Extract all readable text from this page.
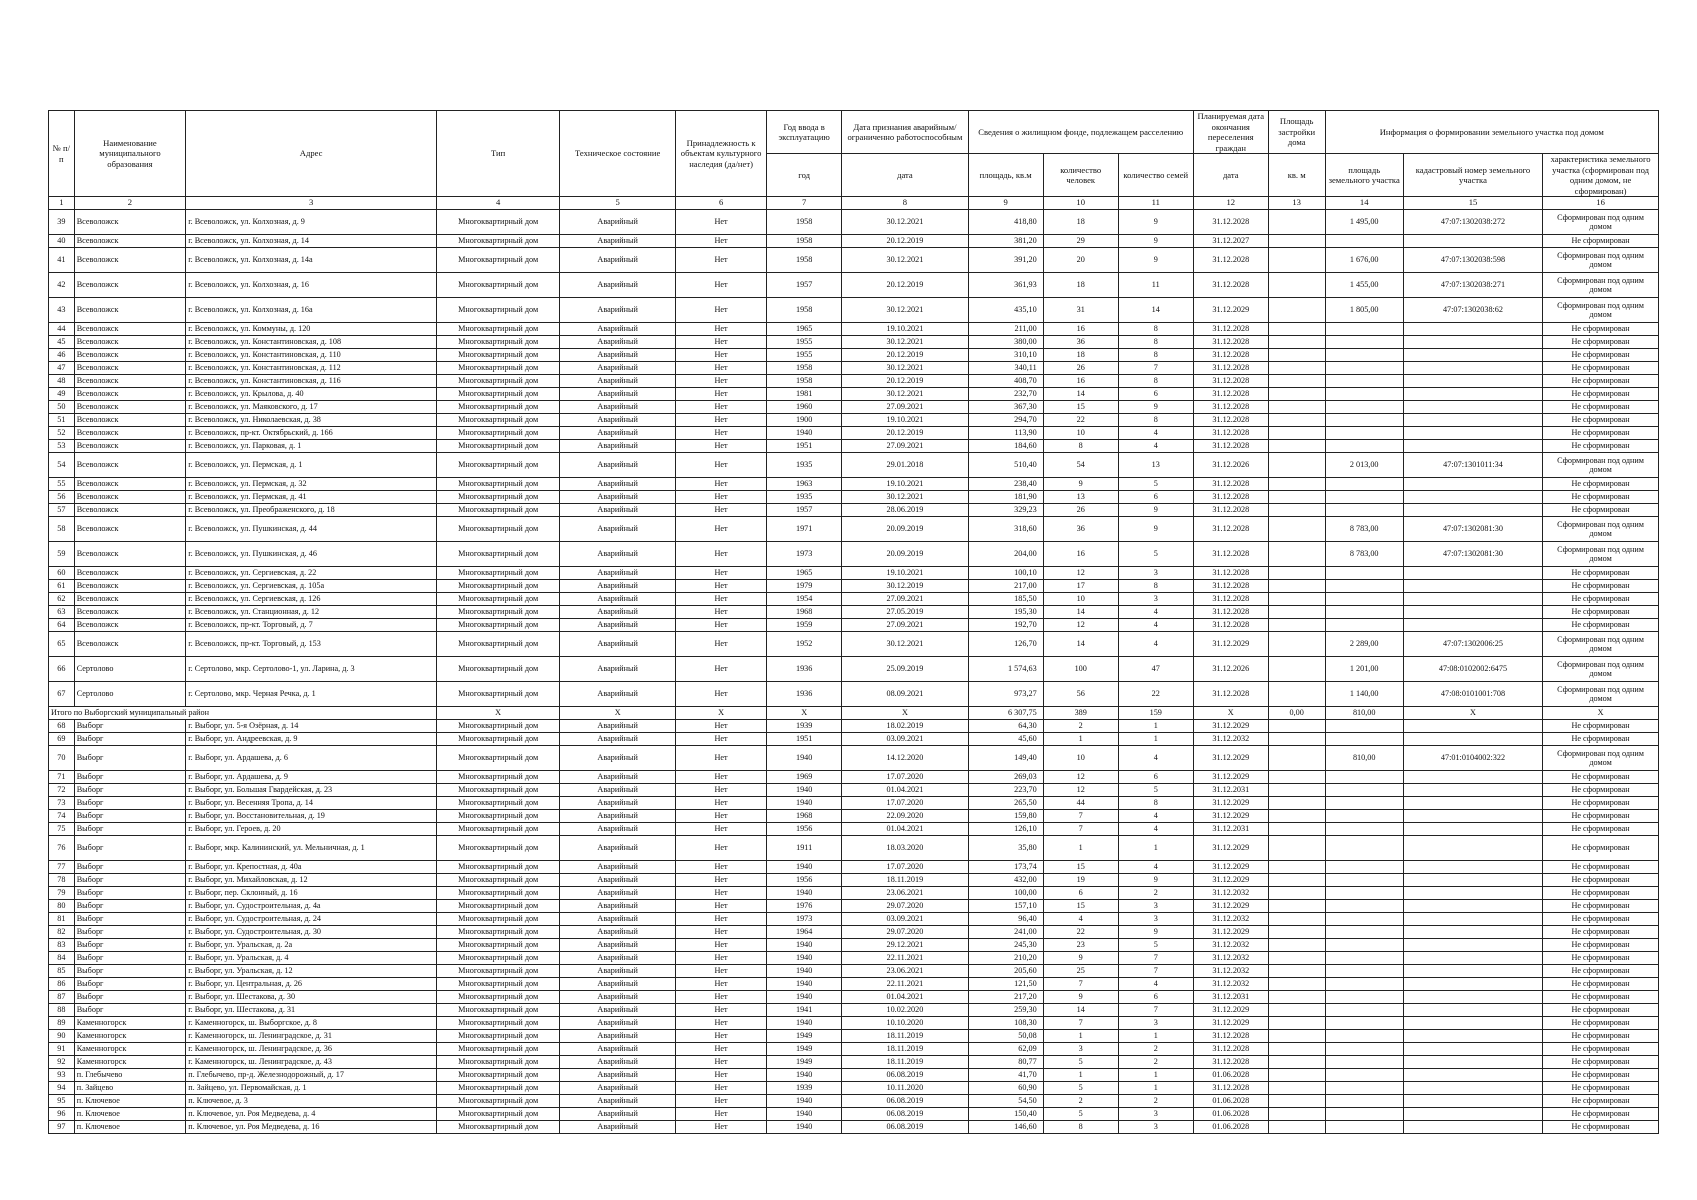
№ п/п	Наименование муниципального образования	Адрес	Тип	Техническое состояние	Принадлежность к объектам культурного наследия (да/нет)	Год ввода в эксплуатацию	Дата признания аварийным/ограниченно работоспособным	Сведения о жилищном фонде, подлежащем расселению			Планируемая дата окончания переселения граждан	Площадь застройки дома	Информация о формировании земельного участка под домом		
						год	дата	площадь, кв.м	количество человек	количество семей	дата	кв. м	площадь земельного участка	кадастровый номер земельного участка	характеристика земельного участка (сформирован под одним домом, не сформирован)
1	2	3	4	5	6	7	8	9	10	11	12	13	14	15	16
39	Всеволожск	г. Всеволожск, ул. Колхозная, д. 9	Многоквартирный дом	Аварийный	Нет	1958	30.12.2021	418,80	18	9	31.12.2028		1 495,00	47:07:1302038:272	Сформирован под одним домом
40	Всеволожск	г. Всеволожск, ул. Колхозная, д. 14	Многоквартирный дом	Аварийный	Нет	1958	20.12.2019	381,20	29	9	31.12.2027				Не сформирован
41	Всеволожск	г. Всеволожск, ул. Колхозная, д. 14а	Многоквартирный дом	Аварийный	Нет	1958	30.12.2021	391,20	20	9	31.12.2028		1 676,00	47:07:1302038:598	Сформирован под одним домом
42	Всеволожск	г. Всеволожск, ул. Колхозная, д. 16	Многоквартирный дом	Аварийный	Нет	1957	20.12.2019	361,93	18	11	31.12.2028		1 455,00	47:07:1302038:271	Сформирован под одним домом
43	Всеволожск	г. Всеволожск, ул. Колхозная, д. 16а	Многоквартирный дом	Аварийный	Нет	1958	30.12.2021	435,10	31	14	31.12.2029		1 805,00	47:07:1302038:62	Сформирован под одним домом
44	Всеволожск	г. Всеволожск, ул. Коммуны, д. 120	Многоквартирный дом	Аварийный	Нет	1965	19.10.2021	211,00	16	8	31.12.2028				Не сформирован
45	Всеволожск	г. Всеволожск, ул. Константиновская, д. 108	Многоквартирный дом	Аварийный	Нет	1955	30.12.2021	380,00	36	8	31.12.2028				Не сформирован
46	Всеволожск	г. Всеволожск, ул. Константиновская, д. 110	Многоквартирный дом	Аварийный	Нет	1955	20.12.2019	310,10	18	8	31.12.2028				Не сформирован
47	Всеволожск	г. Всеволожск, ул. Константиновская, д. 112	Многоквартирный дом	Аварийный	Нет	1958	30.12.2021	340,11	26	7	31.12.2028				Не сформирован
48	Всеволожск	г. Всеволожск, ул. Константиновская, д. 116	Многоквартирный дом	Аварийный	Нет	1958	20.12.2019	408,70	16	8	31.12.2028				Не сформирован
49	Всеволожск	г. Всеволожск, ул. Крылова, д. 40	Многоквартирный дом	Аварийный	Нет	1981	30.12.2021	232,70	14	6	31.12.2028				Не сформирован
50	Всеволожск	г. Всеволожск, ул. Маяковского, д. 17	Многоквартирный дом	Аварийный	Нет	1960	27.09.2021	367,30	15	9	31.12.2028				Не сформирован
51	Всеволожск	г. Всеволожск, ул. Николаевская, д. 38	Многоквартирный дом	Аварийный	Нет	1900	19.10.2021	294,70	22	8	31.12.2028				Не сформирован
52	Всеволожск	г. Всеволожск, пр-кт. Октябрьский, д. 166	Многоквартирный дом	Аварийный	Нет	1940	20.12.2019	113,90	10	4	31.12.2028				Не сформирован
53	Всеволожск	г. Всеволожск, ул. Парковая, д. 1	Многоквартирный дом	Аварийный	Нет	1951	27.09.2021	184,60	8	4	31.12.2028				Не сформирован
54	Всеволожск	г. Всеволожск, ул. Пермская, д. 1	Многоквартирный дом	Аварийный	Нет	1935	29.01.2018	510,40	54	13	31.12.2026		2 013,00	47:07:1301011:34	Сформирован под одним домом
55	Всеволожск	г. Всеволожск, ул. Пермская, д. 32	Многоквартирный дом	Аварийный	Нет	1963	19.10.2021	238,40	9	5	31.12.2028				Не сформирован
56	Всеволожск	г. Всеволожск, ул. Пермская, д. 41	Многоквартирный дом	Аварийный	Нет	1935	30.12.2021	181,90	13	6	31.12.2028				Не сформирован
57	Всеволожск	г. Всеволожск, ул. Преображенского, д. 18	Многоквартирный дом	Аварийный	Нет	1957	28.06.2019	329,23	26	9	31.12.2028				Не сформирован
58	Всеволожск	г. Всеволожск, ул. Пушкинская, д. 44	Многоквартирный дом	Аварийный	Нет	1971	20.09.2019	318,60	36	9	31.12.2028		8 783,00	47:07:1302081:30	Сформирован под одним домом
59	Всеволожск	г. Всеволожск, ул. Пушкинская, д. 46	Многоквартирный дом	Аварийный	Нет	1973	20.09.2019	204,00	16	5	31.12.2028		8 783,00	47:07:1302081:30	Сформирован под одним домом
60	Всеволожск	г. Всеволожск, ул. Сергиевская, д. 22	Многоквартирный дом	Аварийный	Нет	1965	19.10.2021	100,10	12	3	31.12.2028				Не сформирован
61	Всеволожск	г. Всеволожск, ул. Сергиевская, д. 105а	Многоквартирный дом	Аварийный	Нет	1979	30.12.2019	217,00	17	8	31.12.2028				Не сформирован
62	Всеволожск	г. Всеволожск, ул. Сергиевская, д. 126	Многоквартирный дом	Аварийный	Нет	1954	27.09.2021	185,50	10	3	31.12.2028				Не сформирован
63	Всеволожск	г. Всеволожск, ул. Станционная, д. 12	Многоквартирный дом	Аварийный	Нет	1968	27.05.2019	195,30	14	4	31.12.2028				Не сформирован
64	Всеволожск	г. Всеволожск, пр-кт. Торговый, д. 7	Многоквартирный дом	Аварийный	Нет	1959	27.09.2021	192,70	12	4	31.12.2028				Не сформирован
65	Всеволожск	г. Всеволожск, пр-кт. Торговый, д. 153	Многоквартирный дом	Аварийный	Нет	1952	30.12.2021	126,70	14	4	31.12.2029		2 289,00	47:07:1302006:25	Сформирован под одним домом
66	Сертолово	г. Сертолово, мкр. Сертолово-1, ул. Ларина, д. 3	Многоквартирный дом	Аварийный	Нет	1936	25.09.2019	1 574,63	100	47	31.12.2026		1 201,00	47:08:0102002:6475	Сформирован под одним домом
67	Сертолово	г. Сертолово, мкр. Черная Речка, д. 1	Многоквартирный дом	Аварийный	Нет	1936	08.09.2021	973,27	56	22	31.12.2028		1 140,00	47:08:0101001:708	Сформирован под одним домом
Итого по Выборгский муниципальный район			X	X	X	X	X	6 307,75	389	159	X	0,00	810,00	X	X
68	Выборг	г. Выборг, ул. 5-я Озёрная, д. 14	Многоквартирный дом	Аварийный	Нет	1939	18.02.2019	64,30	2	1	31.12.2029				Не сформирован
69	Выборг	г. Выборг, ул. Андреевская, д. 9	Многоквартирный дом	Аварийный	Нет	1951	03.09.2021	45,60	1	1	31.12.2032				Не сформирован
70	Выборг	г. Выборг, ул. Ардашева, д. 6	Многоквартирный дом	Аварийный	Нет	1940	14.12.2020	149,40	10	4	31.12.2029		810,00	47:01:0104002:322	Сформирован под одним домом
71	Выборг	г. Выборг, ул. Ардашева, д. 9	Многоквартирный дом	Аварийный	Нет	1969	17.07.2020	269,03	12	6	31.12.2029				Не сформирован
72	Выборг	г. Выборг, ул. Большая Гвардейская, д. 23	Многоквартирный дом	Аварийный	Нет	1940	01.04.2021	223,70	12	5	31.12.2031				Не сформирован
73	Выборг	г. Выборг, ул. Весенняя Тропа, д. 14	Многоквартирный дом	Аварийный	Нет	1940	17.07.2020	265,50	44	8	31.12.2029				Не сформирован
74	Выборг	г. Выборг, ул. Восстановительная, д. 19	Многоквартирный дом	Аварийный	Нет	1968	22.09.2020	159,80	7	4	31.12.2029				Не сформирован
75	Выборг	г. Выборг, ул. Героев, д. 20	Многоквартирный дом	Аварийный	Нет	1956	01.04.2021	126,10	7	4	31.12.2031				Не сформирован
76	Выборг	г. Выборг, мкр. Калининский, ул. Мельничная, д. 1	Многоквартирный дом	Аварийный	Нет	1911	18.03.2020	35,80	1	1	31.12.2029				Не сформирован
77	Выборг	г. Выборг, ул. Крепостная, д. 40а	Многоквартирный дом	Аварийный	Нет	1940	17.07.2020	173,74	15	4	31.12.2029				Не сформирован
78	Выборг	г. Выборг, ул. Михайловская, д. 12	Многоквартирный дом	Аварийный	Нет	1956	18.11.2019	432,00	19	9	31.12.2029				Не сформирован
79	Выборг	г. Выборг, пер. Склонный, д. 16	Многоквартирный дом	Аварийный	Нет	1940	23.06.2021	100,00	6	2	31.12.2032				Не сформирован
80	Выборг	г. Выборг, ул. Судостроительная, д. 4а	Многоквартирный дом	Аварийный	Нет	1976	29.07.2020	157,10	15	3	31.12.2029				Не сформирован
81	Выборг	г. Выборг, ул. Судостроительная, д. 24	Многоквартирный дом	Аварийный	Нет	1973	03.09.2021	96,40	4	3	31.12.2032				Не сформирован
82	Выборг	г. Выборг, ул. Судостроительная, д. 30	Многоквартирный дом	Аварийный	Нет	1964	29.07.2020	241,00	22	9	31.12.2029				Не сформирован
83	Выборг	г. Выборг, ул. Уральская, д. 2а	Многоквартирный дом	Аварийный	Нет	1940	29.12.2021	245,30	23	5	31.12.2032				Не сформирован
84	Выборг	г. Выборг, ул. Уральская, д. 4	Многоквартирный дом	Аварийный	Нет	1940	22.11.2021	210,20	9	7	31.12.2032				Не сформирован
85	Выборг	г. Выборг, ул. Уральская, д. 12	Многоквартирный дом	Аварийный	Нет	1940	23.06.2021	205,60	25	7	31.12.2032				Не сформирован
86	Выборг	г. Выборг, ул. Центральная, д. 26	Многоквартирный дом	Аварийный	Нет	1940	22.11.2021	121,50	7	4	31.12.2032				Не сформирован
87	Выборг	г. Выборг, ул. Шестакова, д. 30	Многоквартирный дом	Аварийный	Нет	1940	01.04.2021	217,20	9	6	31.12.2031				Не сформирован
88	Выборг	г. Выборг, ул. Шестакова, д. 31	Многоквартирный дом	Аварийный	Нет	1941	10.02.2020	259,30	14	7	31.12.2029				Не сформирован
89	Каменногорск	г. Каменногорск, ш. Выборгское, д. 8	Многоквартирный дом	Аварийный	Нет	1940	10.10.2020	108,30	7	3	31.12.2029				Не сформирован
90	Каменногорск	г. Каменногорск, ш. Ленинградское, д. 31	Многоквартирный дом	Аварийный	Нет	1949	18.11.2019	50,08	1	1	31.12.2028				Не сформирован
91	Каменногорск	г. Каменногорск, ш. Ленинградское, д. 36	Многоквартирный дом	Аварийный	Нет	1949	18.11.2019	62,09	3	2	31.12.2028				Не сформирован
92	Каменногорск	г. Каменногорск, ш. Ленинградское, д. 43	Многоквартирный дом	Аварийный	Нет	1949	18.11.2019	80,77	5	2	31.12.2028				Не сформирован
93	п. Глебычево	п. Глебычево, пр-д. Железнодорожный, д. 17	Многоквартирный дом	Аварийный	Нет	1940	06.08.2019	41,70	1	1	01.06.2028				Не сформирован
94	п. Зайцево	п. Зайцево, ул. Первомайская, д. 1	Многоквартирный дом	Аварийный	Нет	1939	10.11.2020	60,90	5	1	31.12.2028				Не сформирован
95	п. Ключевое	п. Ключевое, д. 3	Многоквартирный дом	Аварийный	Нет	1940	06.08.2019	54,50	2	2	01.06.2028				Не сформирован
96	п. Ключевое	п. Ключевое, ул. Роя Медведева, д. 4	Многоквартирный дом	Аварийный	Нет	1940	06.08.2019	150,40	5	3	01.06.2028				Не сформирован
97	п. Ключевое	п. Ключевое, ул. Роя Медведева, д. 16	Многоквартирный дом	Аварийный	Нет	1940	06.08.2019	146,60	8	3	01.06.2028				Не сформирован
